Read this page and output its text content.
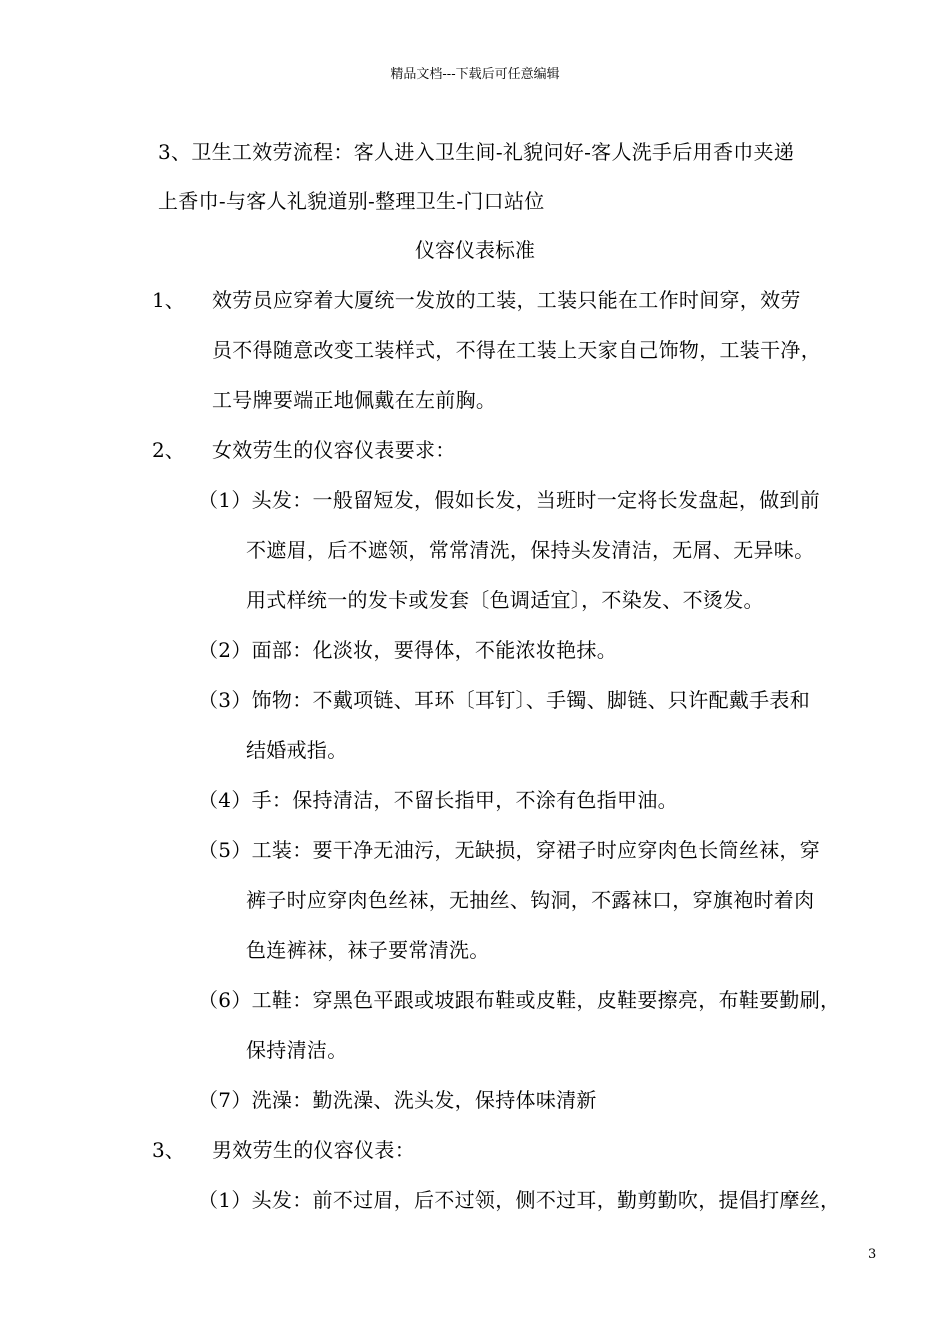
精品文档---下载后可任意编辑
3、卫生工效劳流程：客人进入卫生间-礼貌问好-客人洗手后用香巾夹递
上香巾-与客人礼貌道别-整理卫生-门口站位
仪容仪表标准
1、 效劳员应穿着大厦统一发放的工装，工装只能在工作时间穿，效劳
员不得随意改变工装样式，不得在工装上天家自己饰物，工装干净，
工号牌要端正地佩戴在左前胸。
2、 女效劳生的仪容仪表要求：
（1）头发：一般留短发，假如长发，当班时一定将长发盘起，做到前
不遮眉，后不遮领，常常清洗，保持头发清洁，无屑、无异味。
用式样统一的发卡或发套〔色调适宜〕，不染发、不烫发。
（2）面部：化淡妆，要得体，不能浓妆艳抹。
（3）饰物：不戴项链、耳环〔耳钉〕、手镯、脚链、只许配戴手表和
结婚戒指。
（4）手：保持清洁，不留长指甲，不涂有色指甲油。
（5）工装：要干净无油污，无缺损，穿裙子时应穿肉色长筒丝袜，穿
裤子时应穿肉色丝袜，无抽丝、钩洞，不露袜口，穿旗袍时着肉
色连裤袜，袜子要常清洗。
（6）工鞋：穿黑色平跟或坡跟布鞋或皮鞋，皮鞋要擦亮，布鞋要勤刷，
保持清洁。
（7）洗澡：勤洗澡、洗头发，保持体味清新
3、 男效劳生的仪容仪表：
（1）头发：前不过眉，后不过领，侧不过耳，勤剪勤吹，提倡打摩丝，
3
